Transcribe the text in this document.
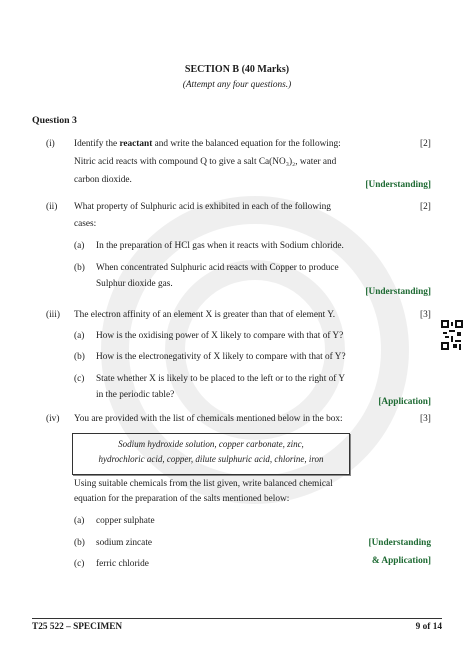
SECTION B (40 Marks)
(Attempt any four questions.)
Question 3
(i) Identify the reactant and write the balanced equation for the following:	[2]
Nitric acid reacts with compound Q to give a salt Ca(NO₃)₂, water and
carbon dioxide.	[Understanding]
(ii) What property of Sulphuric acid is exhibited in each of the following	[2]
cases:
(a) In the preparation of HCl gas when it reacts with Sodium chloride.
(b) When concentrated Sulphuric acid reacts with Copper to produce
Sulphur dioxide gas.
[Understanding]
(iii) The electron affinity of an element X is greater than that of element Y.	[3]
(a) How is the oxidising power of X likely to compare with that of Y?
(b) How is the electronegativity of X likely to compare with that of Y?
(c) State whether X is likely to be placed to the left or to the right of Y
in the periodic table?
[Application]
(iv) You are provided with the list of chemicals mentioned below in the box:	[3]
Sodium hydroxide solution, copper carbonate, zinc,
hydrochloric acid, copper, dilute sulphuric acid, chlorine, iron
Using suitable chemicals from the list given, write balanced chemical
equation for the preparation of the salts mentioned below:
(a) copper sulphate
(b) sodium zincate
(c) ferric chloride
[Understanding
& Application]
T25 522 – SPECIMEN	9 of 14
